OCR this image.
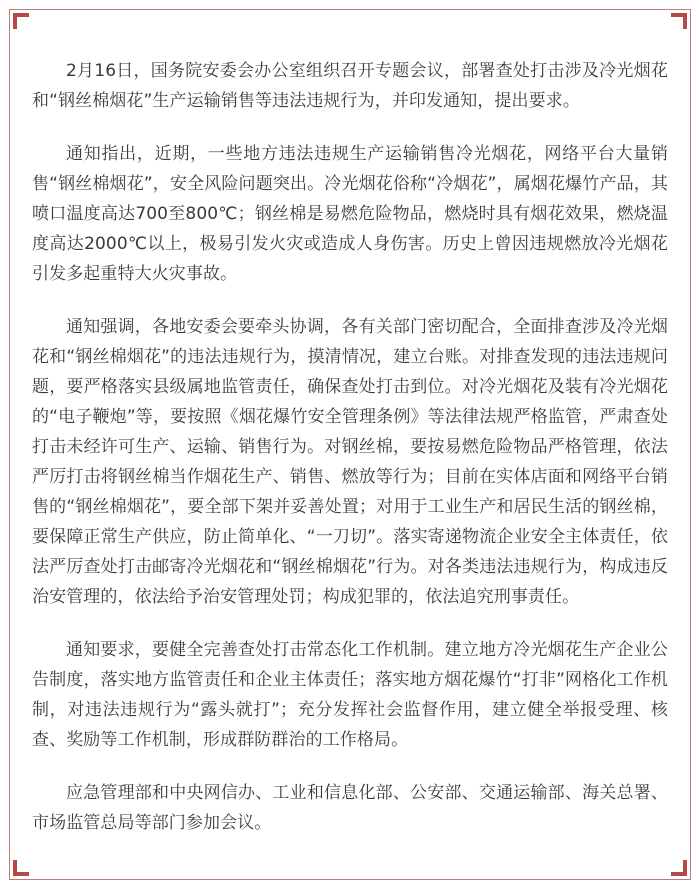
2月16日，国务院安委会办公室组织召开专题会议，部署查处打击涉及冷光烟花和“钢丝棉烟花”生产运输销售等违法违规行为，并印发通知，提出要求。

通知指出，近期，一些地方违法违规生产运输销售冷光烟花，网络平台大量销售“钢丝棉烟花”，安全风险问题突出。冷光烟花俗称“冷烟花”，属烟花爆竹产品，其喷口温度高达700至800℃；钢丝棉是易燃危险物品，燃烧时具有烟花效果，燃烧温度高达2000℃以上，极易引发火灾或造成人身伤害。历史上曾因违规燃放冷光烟花引发多起重特大火灾事故。

通知强调，各地安委会要牵头协调，各有关部门密切配合，全面排查涉及冷光烟花和“钢丝棉烟花”的违法违规行为，摸清情况，建立台账。对排查发现的违法违规问题，要严格落实县级属地监管责任，确保查处打击到位。对冷光烟花及装有冷光烟花的“电子鞭炮”等，要按照《烟花爆竹安全管理条例》等法律法规严格监管，严肃查处打击未经许可生产、运输、销售行为。对钢丝棉，要按易燃危险物品严格管理，依法严厉打击将钢丝棉当作烟花生产、销售、燃放等行为；目前在实体店面和网络平台销售的“钢丝棉烟花”，要全部下架并妥善处置；对用于工业生产和居民生活的钢丝棉，要保障正常生产供应，防止简单化、“一刀切”。落实寄递物流企业安全主体责任，依法严厉查处打击邮寄冷光烟花和“钢丝棉烟花”行为。对各类违法违规行为，构成违反治安管理的，依法给予治安管理处罚；构成犯罪的，依法追究刑事责任。

通知要求，要健全完善查处打击常态化工作机制。建立地方冷光烟花生产企业公告制度，落实地方监管责任和企业主体责任；落实地方烟花爆竹“打非”网格化工作机制，对违法违规行为“露头就打”；充分发挥社会监督作用，建立健全举报受理、核查、奖励等工作机制，形成群防群治的工作格局。

应急管理部和中央网信办、工业和信息化部、公安部、交通运输部、海关总署、市场监管总局等部门参加会议。
